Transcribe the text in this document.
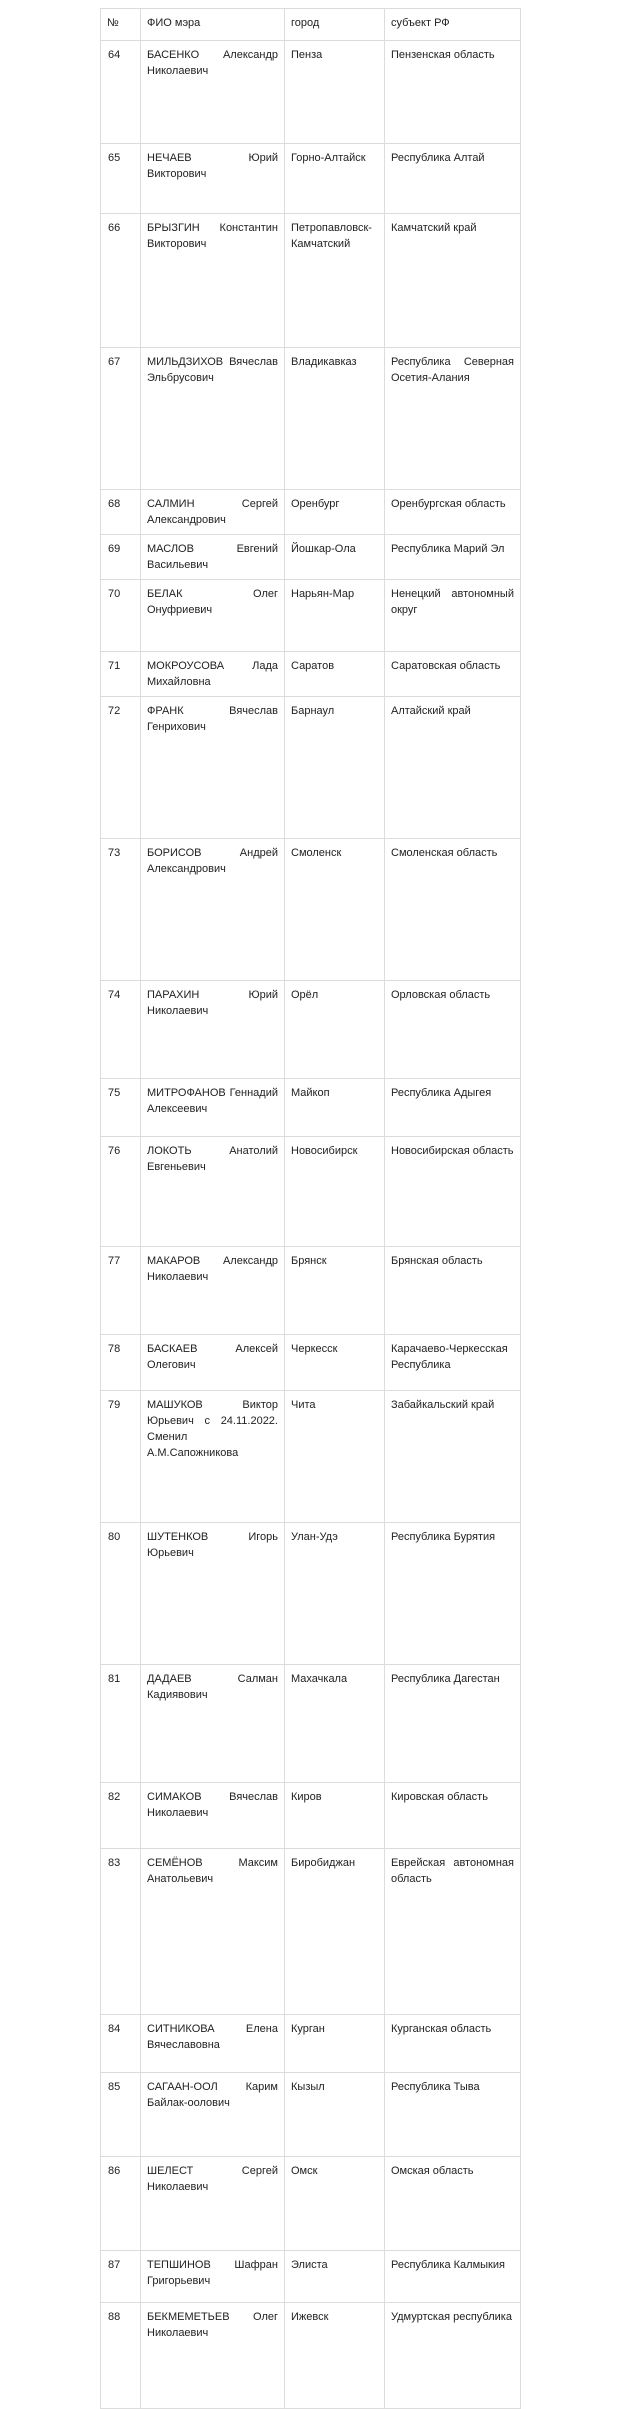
№	ФИО мэра	город	субъект РФ
64	БАСЕНКО Александр Николаевич	Пенза	Пензенская область
65	НЕЧАЕВ Юрий Викторович	Горно-Алтайск	Республика Алтай
66	БРЫЗГИН Константин Викторович	Петропавловск-Камчатский	Камчатский край
67	МИЛЬДЗИХОВ Вячеслав Эльбрусович	Владикавказ	Республика Северная Осетия-Алания
68	САЛМИН Сергей Александрович	Оренбург	Оренбургская область
69	МАСЛОВ Евгений Васильевич	Йошкар-Ола	Республика Марий Эл
70	БЕЛАК Олег Онуфриевич	Нарьян-Мар	Ненецкий автономный округ
71	МОКРОУСОВА Лада Михайловна	Саратов	Саратовская область
72	ФРАНК Вячеслав Генрихович	Барнаул	Алтайский край
73	БОРИСОВ Андрей Александрович	Смоленск	Смоленская область
74	ПАРАХИН Юрий Николаевич	Орёл	Орловская область
75	МИТРОФАНОВ Геннадий Алексеевич	Майкоп	Республика Адыгея
76	ЛОКОТЬ Анатолий Евгеньевич	Новосибирск	Новосибирская область
77	МАКАРОВ Александр Николаевич	Брянск	Брянская область
78	БАСКАЕВ Алексей Олегович	Черкесск	Карачаево-Черкесская Республика
79	МАШУКОВ Виктор Юрьевич с 24.11.2022. Сменил А.М.Сапожникова	Чита	Забайкальский край
80	ШУТЕНКОВ Игорь Юрьевич	Улан-Удэ	Республика Бурятия
81	ДАДАЕВ Салман Кадиявович	Махачкала	Республика Дагестан
82	СИМАКОВ Вячеслав Николаевич	Киров	Кировская область
83	СЕМЁНОВ Максим Анатольевич	Биробиджан	Еврейская автономная область
84	СИТНИКОВА Елена Вячеславовна	Курган	Курганская область
85	САГААН-ООЛ Карим Байлак-оолович	Кызыл	Республика Тыва
86	ШЕЛЕСТ Сергей Николаевич	Омск	Омская область
87	ТЕПШИНОВ Шафран Григорьевич	Элиста	Республика Калмыкия
88	БЕКМЕМЕТЬЕВ Олег Николаевич	Ижевск	Удмуртская республика
